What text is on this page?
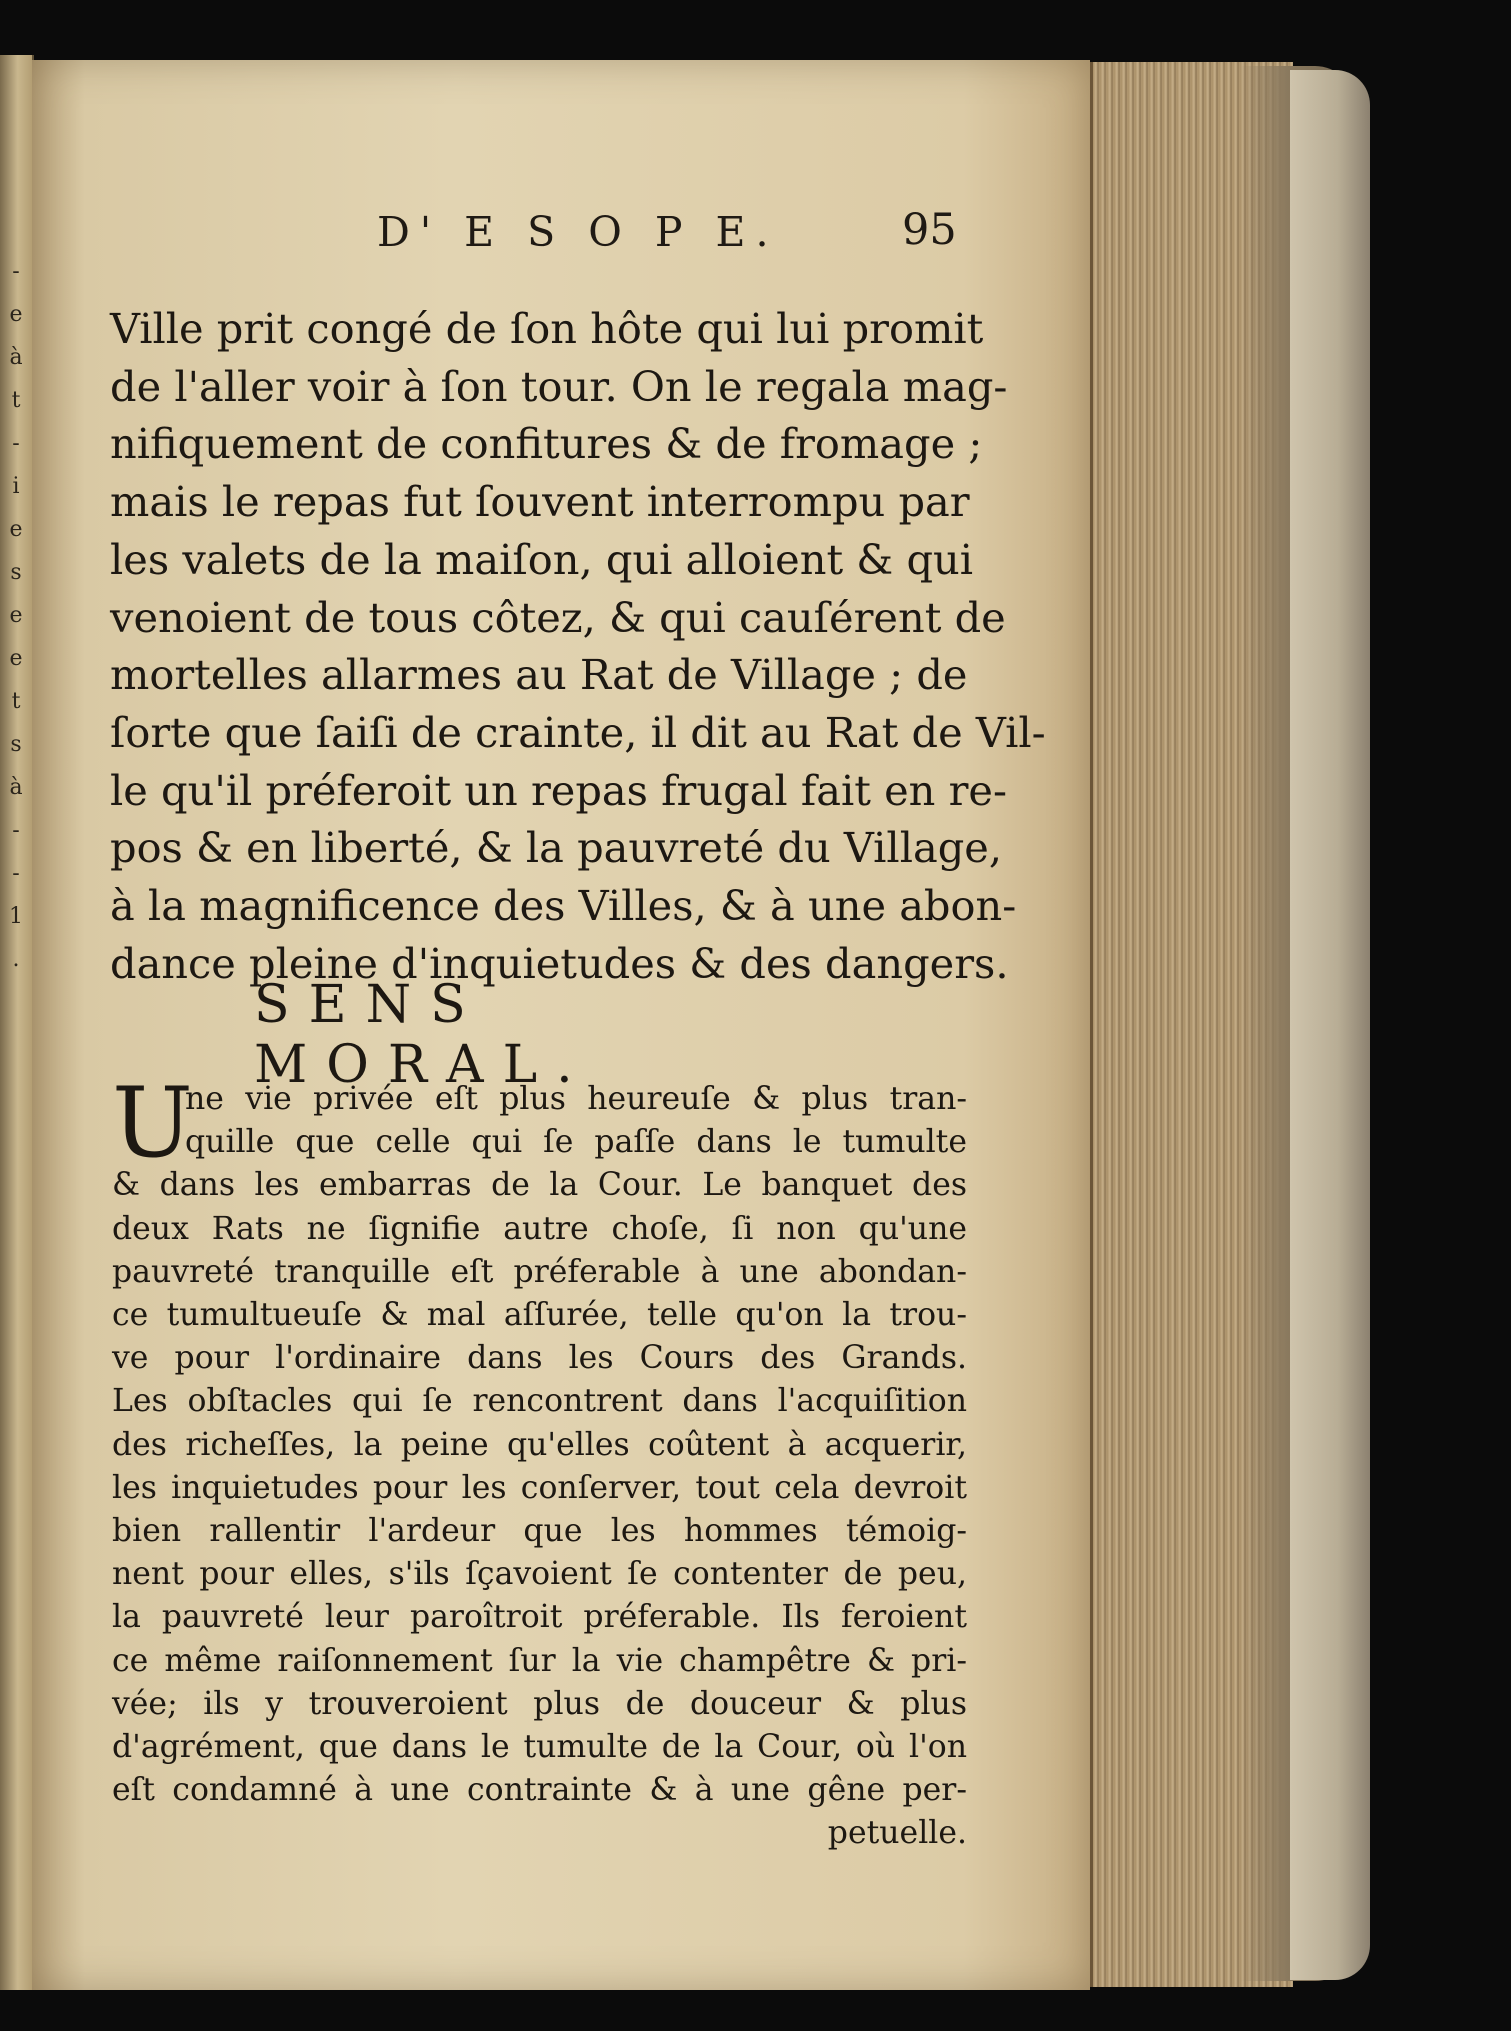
-
e
à
t
-
i
e
s
e
e
t
s
à
-
-
1
.
D' E S O P E.	95
Ville prit congé de ſon hôte qui lui promit
de l'aller voir à ſon tour. On le regala mag-
nifiquement de confitures & de fromage ;
mais le repas fut ſouvent interrompu par
les valets de la maiſon, qui alloient & qui
venoient de tous côtez, & qui cauſérent de
mortelles allarmes au Rat de Village ; de
ſorte que ſaiſi de crainte, il dit au Rat de Vil-
le qu'il préferoit un repas frugal fait en re-
pos & en liberté, & la pauvreté du Village,
à la magnificence des Villes, & à une abon-
dance pleine d'inquietudes & des dangers.
SENS MORAL.
U
ne vie privée eſt plus heureuſe & plus tran-
quille que celle qui ſe paſſe dans le tumulte
& dans les embarras de la Cour. Le banquet des
deux Rats ne ſignifie autre choſe, ſi non qu'une
pauvreté tranquille eſt préferable à une abondan-
ce tumultueuſe & mal aſſurée, telle qu'on la trou-
ve pour l'ordinaire dans les Cours des Grands.
Les obſtacles qui ſe rencontrent dans l'acquiſition
des richeſſes, la peine qu'elles coûtent à acquerir,
les inquietudes pour les conſerver, tout cela devroit
bien rallentir l'ardeur que les hommes témoig-
nent pour elles, s'ils ſçavoient ſe contenter de peu,
la pauvreté leur paroîtroit préferable. Ils feroient
ce même raiſonnement ſur la vie champêtre & pri-
vée; ils y trouveroient plus de douceur & plus
d'agrément, que dans le tumulte de la Cour, où l'on
eſt condamné à une contrainte & à une gêne per-
petuelle.
